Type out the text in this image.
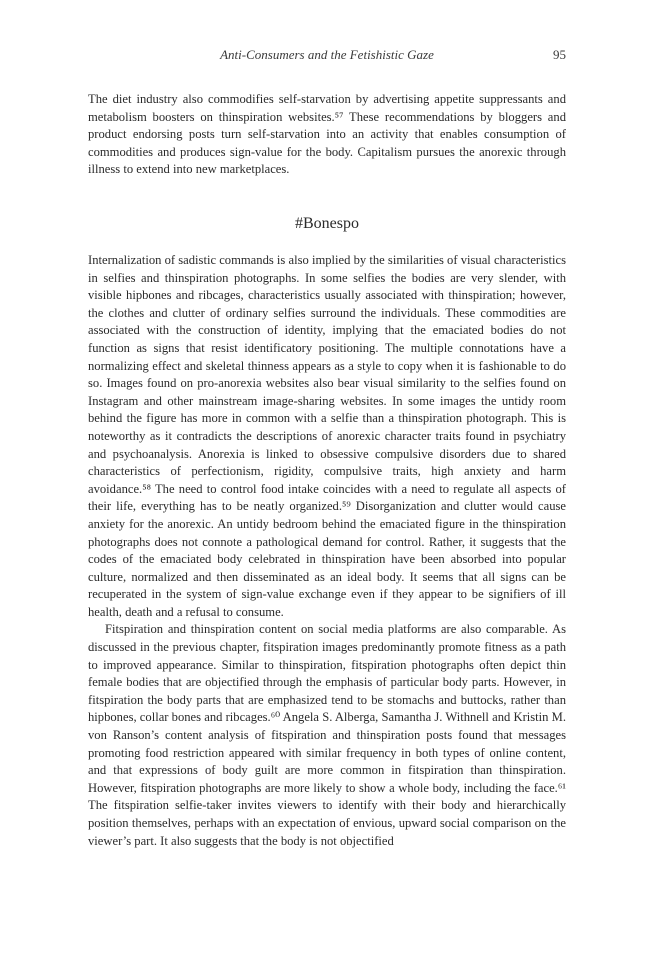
Anti-Consumers and the Fetishistic Gaze	95

The diet industry also commodifies self-starvation by advertising appetite suppressants and metabolism boosters on thinspiration websites.⁵⁷ These recommendations by bloggers and product endorsing posts turn self-starvation into an activity that enables consumption of commodities and produces sign-value for the body. Capitalism pursues the anorexic through illness to extend into new marketplaces.

#Bonespo

Internalization of sadistic commands is also implied by the similarities of visual characteristics in selfies and thinspiration photographs. In some selfies the bodies are very slender, with visible hipbones and ribcages, characteristics usually associated with thinspiration; however, the clothes and clutter of ordinary selfies surround the individuals. These commodities are associated with the construction of identity, implying that the emaciated bodies do not function as signs that resist identificatory positioning. The multiple connotations have a normalizing effect and skeletal thinness appears as a style to copy when it is fashionable to do so. Images found on pro-anorexia websites also bear visual similarity to the selfies found on Instagram and other mainstream image-sharing websites. In some images the untidy room behind the figure has more in common with a selfie than a thinspiration photograph. This is noteworthy as it contradicts the descriptions of anorexic character traits found in psychiatry and psychoanalysis. Anorexia is linked to obsessive compulsive disorders due to shared characteristics of perfectionism, rigidity, compulsive traits, high anxiety and harm avoidance.⁵⁸ The need to control food intake coincides with a need to regulate all aspects of their life, everything has to be neatly organized.⁵⁹ Disorganization and clutter would cause anxiety for the anorexic. An untidy bedroom behind the emaciated figure in the thinspiration photographs does not connote a pathological demand for control. Rather, it suggests that the codes of the emaciated body celebrated in thinspiration have been absorbed into popular culture, normalized and then disseminated as an ideal body. It seems that all signs can be recuperated in the system of sign-value exchange even if they appear to be signifiers of ill health, death and a refusal to consume.

Fitspiration and thinspiration content on social media platforms are also comparable. As discussed in the previous chapter, fitspiration images predominantly promote fitness as a path to improved appearance. Similar to thinspiration, fitspiration photographs often depict thin female bodies that are objectified through the emphasis of particular body parts. However, in fitspiration the body parts that are emphasized tend to be stomachs and buttocks, rather than hipbones, collar bones and ribcages.⁶⁰ Angela S. Alberga, Samantha J. Withnell and Kristin M. von Ranson’s content analysis of fitspiration and thinspiration posts found that messages promoting food restriction appeared with similar frequency in both types of online content, and that expressions of body guilt are more common in fitspiration than thinspiration. However, fitspiration photographs are more likely to show a whole body, including the face.⁶¹ The fitspiration selfie-taker invites viewers to identify with their body and hierarchically position themselves, perhaps with an expectation of envious, upward social comparison on the viewer’s part. It also suggests that the body is not objectified
